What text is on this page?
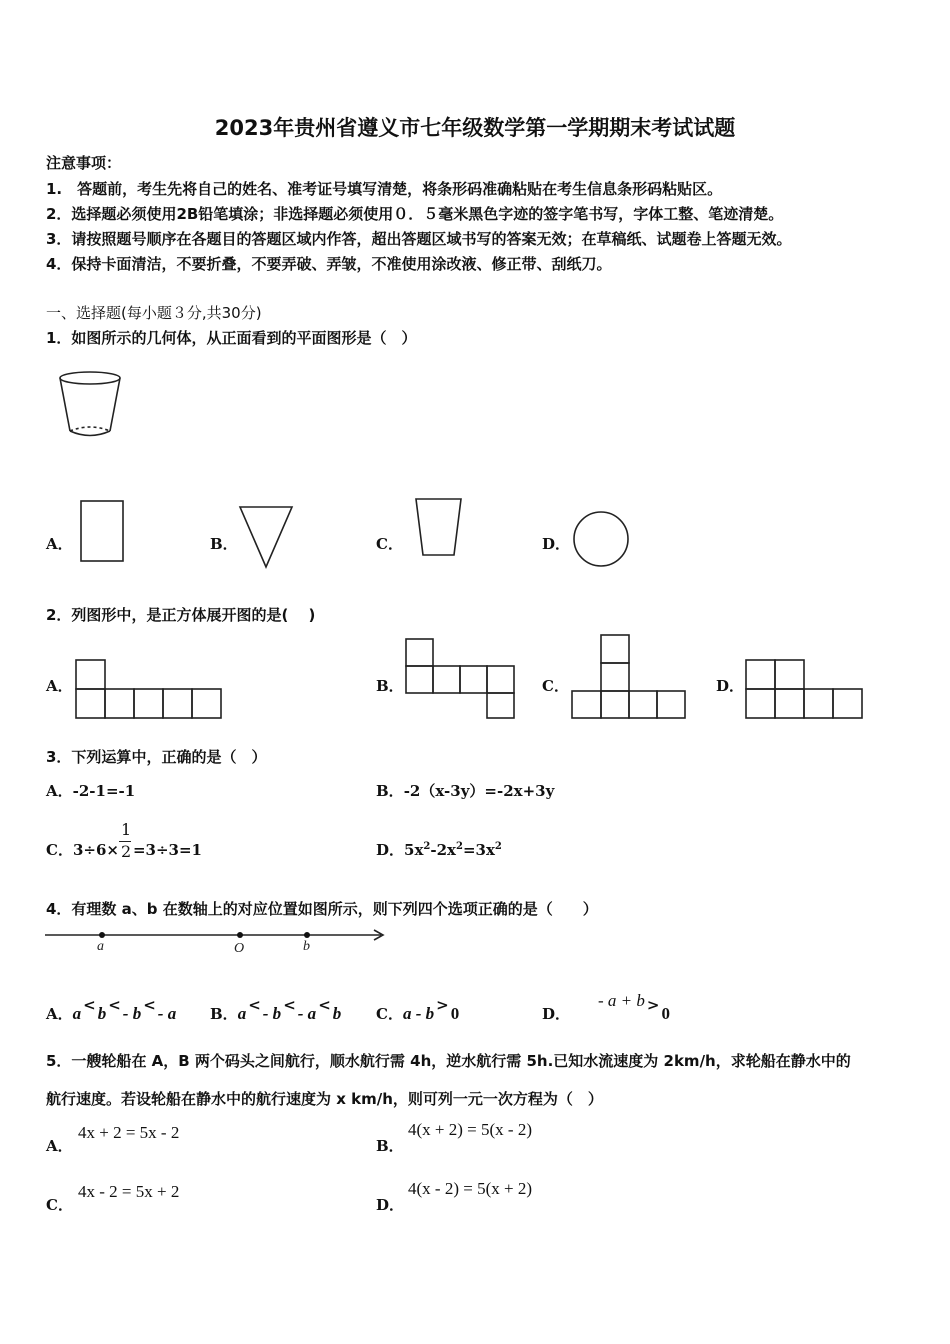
2023年贵州省遵义市七年级数学第一学期期末考试试题
注意事项：
1.　答题前，考生先将自己的姓名、准考证号填写清楚，将条形码准确粘贴在考生信息条形码粘贴区。
2．选择题必须使用2B铅笔填涂；非选择题必须使用０．５毫米黑色字迹的签字笔书写，字体工整、笔迹清楚。
3．请按照题号顺序在各题目的答题区域内作答，超出答题区域书写的答案无效；在草稿纸、试题卷上答题无效。
4．保持卡面清洁，不要折叠，不要弄破、弄皱，不准使用涂改液、修正带、刮纸刀。
一、选择题(每小题３分,共30分)
1．如图所示的几何体，从正面看到的平面图形是（　）
A．	B．	C．	D．
2．列图形中，是正方体展开图的是(　 )
A．	B．	C．	D．
3．下列运算中，正确的是（　）
A．-2-1=-1	B．-2（x-3y）=-2x+3y
C．$3\div 6\times \frac{1}{2} =3\div 3=1$	D．$5x^2-2x^2=3x^2$
4．有理数 a、b 在数轴上的对应位置如图所示，则下列四个选项正确的是（　　）
a	O	b
A．a < b < - b < - a B．a < - b < - a < b C．a - b > 0	D．- a + b > 0
5．一艘轮船在 A，B 两个码头之间航行，顺水航行需 4h，逆水航行需 5h.已知水流速度为 2km/h，求轮船在静水中的
航行速度。若设轮船在静水中的航行速度为 x km/h，则可列一元一次方程为（　）
A．
4x + 2 = 5x - 2
B．
4(x + 2) = 5(x - 2)
C．
4x - 2 = 5x + 2
D．
4(x - 2) = 5(x + 2)
